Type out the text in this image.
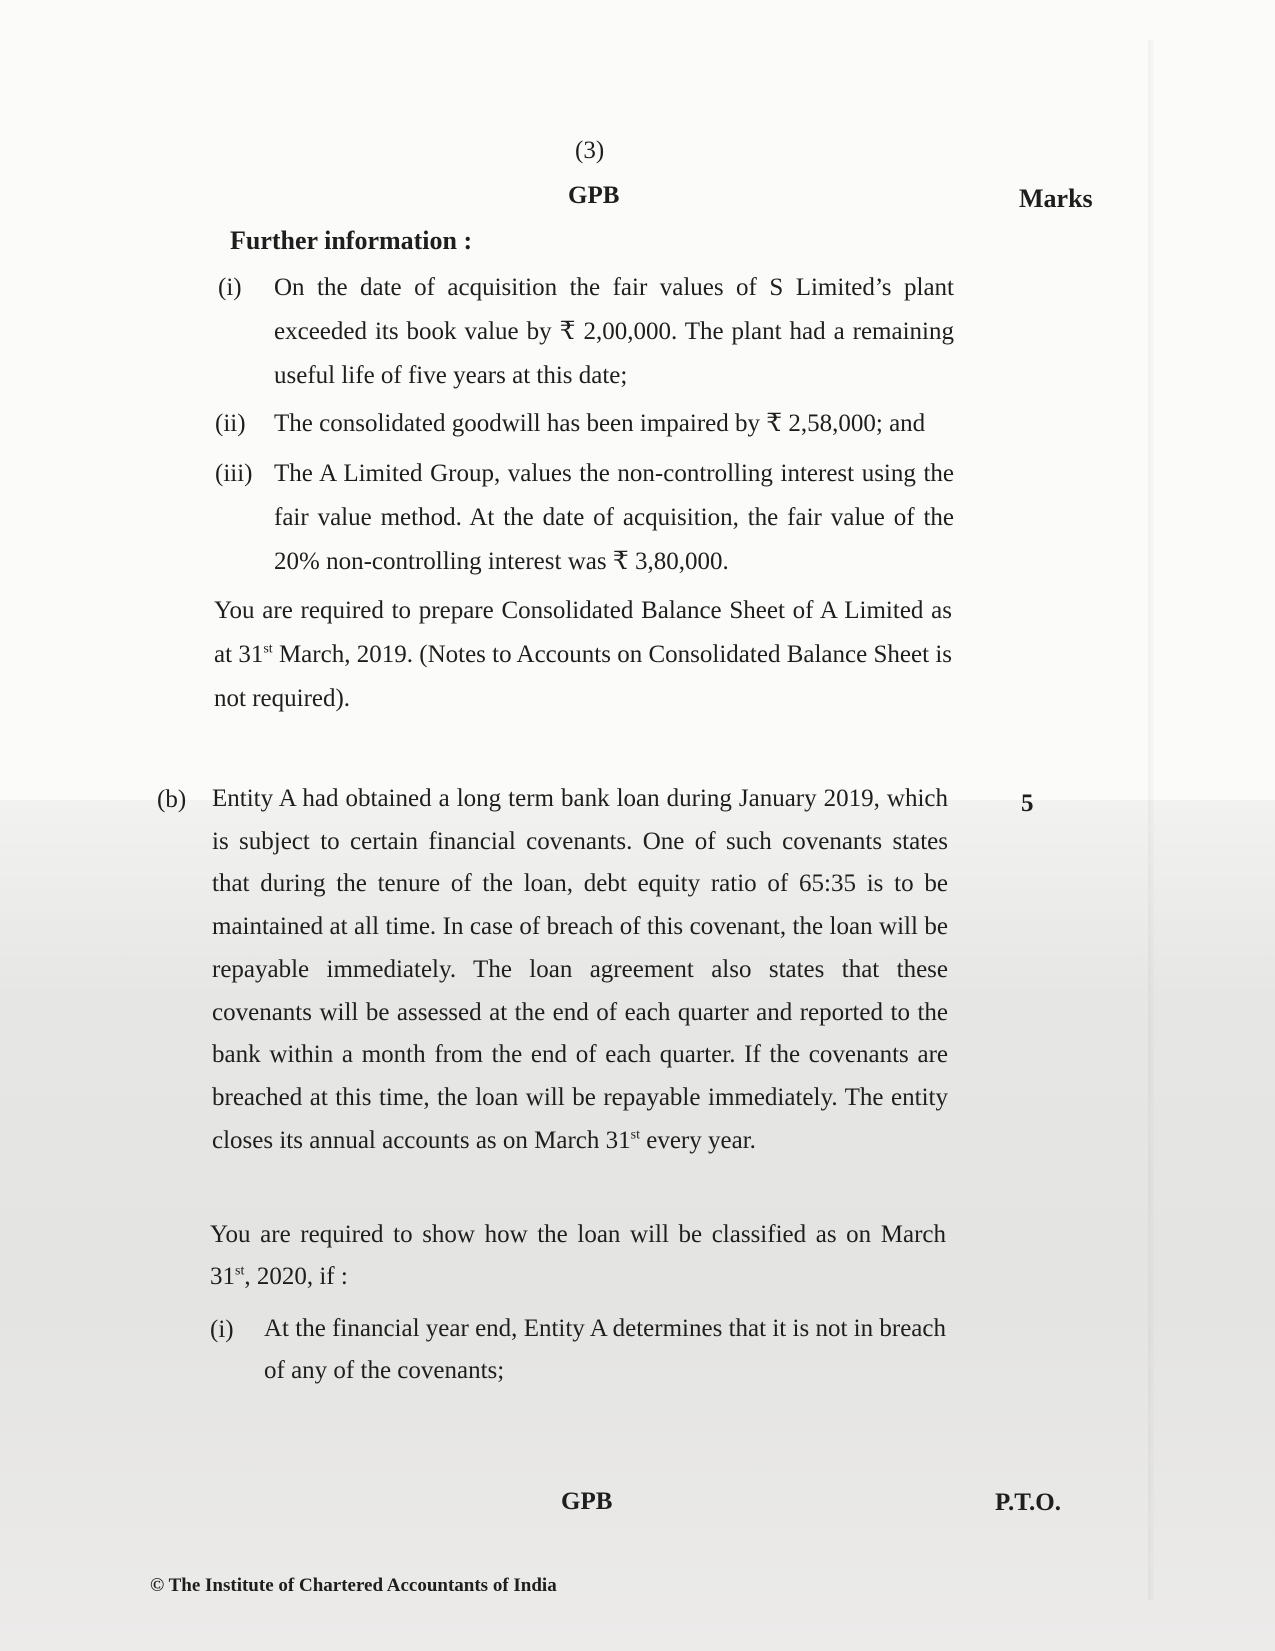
(3)
GPB	Marks
Further information :
(i) On the date of acquisition the fair values of S Limited’s plant exceeded its book value by ₹ 2,00,000. The plant had a remaining useful life of five years at this date;
(ii) The consolidated goodwill has been impaired by ₹ 2,58,000; and
(iii) The A Limited Group, values the non-controlling interest using the fair value method. At the date of acquisition, the fair value of the 20% non-controlling interest was ₹ 3,80,000.
You are required to prepare Consolidated Balance Sheet of A Limited as at 31st March, 2019. (Notes to Accounts on Consolidated Balance Sheet is not required).
(b)	5
Entity A had obtained a long term bank loan during January 2019, which is subject to certain financial covenants. One of such covenants states that during the tenure of the loan, debt equity ratio of 65:35 is to be maintained at all time. In case of breach of this covenant, the loan will be repayable immediately. The loan agreement also states that these covenants will be assessed at the end of each quarter and reported to the bank within a month from the end of each quarter. If the covenants are breached at this time, the loan will be repayable immediately. The entity closes its annual accounts as on March 31st every year.
You are required to show how the loan will be classified as on March 31st, 2020, if :
(i) At the financial year end, Entity A determines that it is not in breach of any of the covenants;
GPB	P.T.O.
© The Institute of Chartered Accountants of India
